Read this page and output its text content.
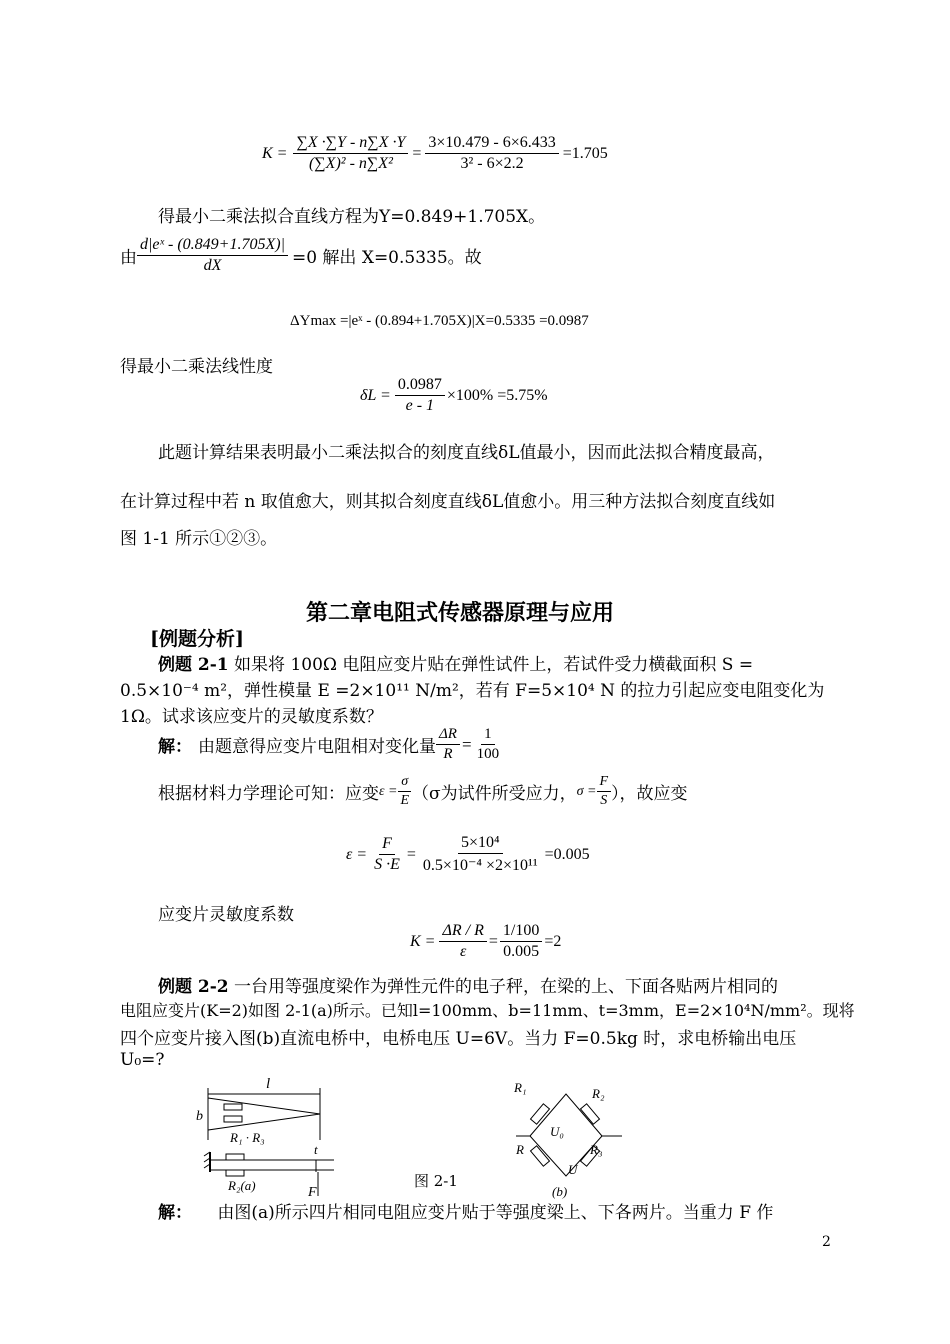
$K = \frac{\sum X \cdot\sum Y - n\sum X \cdot Y}{\text{(∑X)² - n∑X²}} = \frac{3\times 10.479 - 6\times 6.433}{\text{3² - 6×2.2}} =1.705$
得最小二乘法拟合直线方程为Y=0.849+1.705X。
由 $\frac{\text{d|eˣ - (0.849+1.705X)|}}{dX} =0$ 解出 X=0.5335。故
ΔYmax =|eˣ - (0.894+1.705X)|X=0.5335 =0.0987
得最小二乘法线性度
$\delta L = \frac{0.0987}{e - 1} \times 100\% =5.75\%$
此题计算结果表明最小二乘法拟合的刻度直线δL值最小，因而此法拟合精度最高，
在计算过程中若 n 取值愈大，则其拟合刻度直线δL值愈小。用三种方法拟合刻度直线如
图 1-1 所示①②③。
第二章电阻式传感器原理与应用
[例题分析]
例题 2-1 如果将 100Ω 电阻应变片贴在弹性试件上，若试件受力横截面积 S =
0.5×10⁻⁴ m²，弹性模量 E =2×10¹¹ N/m²，若有 F=5×10⁴ N 的拉力引起应变电阻变化为
1Ω。试求该应变片的灵敏度系数？
解： 由题意得应变片电阻相对变化量 $\frac{\Delta R}{R} = \frac{1}{100}$
根据材料力学理论可知：应变 $\varepsilon = \frac{\sigma}{E} (\sigma$为试件所受应力， $\sigma = \frac{F}{S}$ ），故应变
$\varepsilon = \frac{F}{S \cdot E} = \frac{\text{5×10⁴}}{\text{0.5×10⁻⁴ ×2×10¹¹}} =0.005$
应变片灵敏度系数
$K = \frac{\Delta R / R}{\varepsilon} = \frac{1/100}{0.005} =2$
例题 2-2 一台用等强度梁作为弹性元件的电子秤，在梁的上、下面各贴两片相同的
电阻应变片(K=2)如图 2-1(a)所示。已知l=100mm、b=11mm、t=3mm，E=2×10⁴N/mm²。现将
四个应变片接入图(b)直流电桥中，电桥电压 U=6V。当力 F=0.5kg 时，求电桥输出电压
U₀=?
l
b
R₁ · R₃
t
R₂(a)	F
图 2-1
R₁	R₂
U₀
R	R₃
U
(b)
解： 由图(a)所示四片相同电阻应变片贴于等强度梁上、下各两片。当重力 F 作
2
